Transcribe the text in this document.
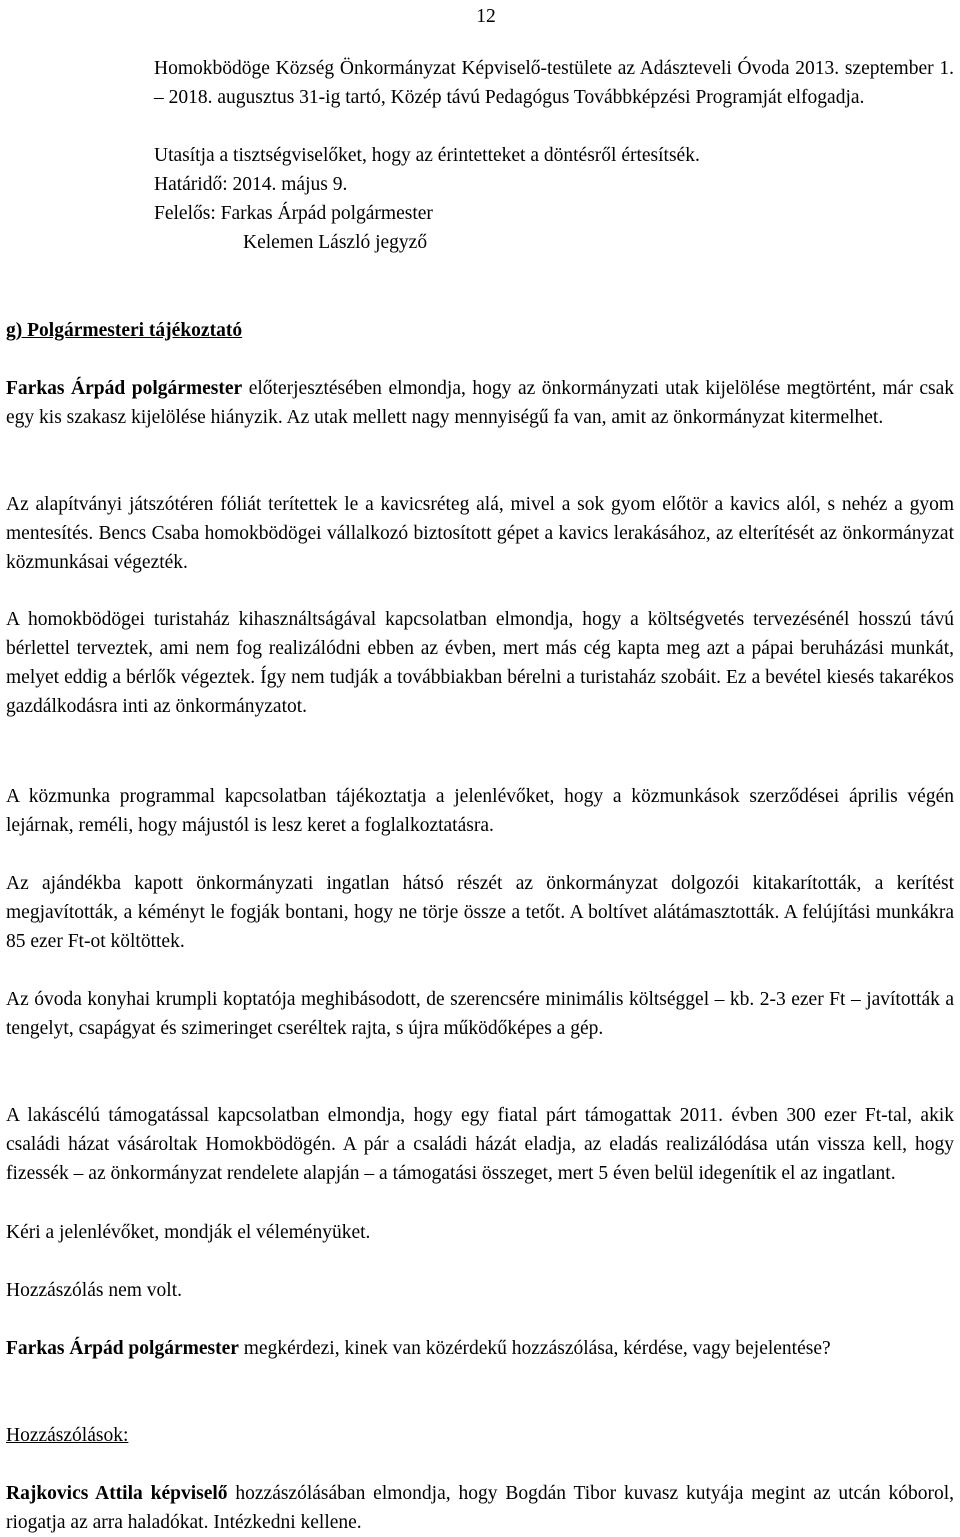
12

Homokbödöge Község Önkormányzat Képviselő-testülete az Adászteveli Óvoda 2013. szeptember 1. – 2018. augusztus 31-ig tartó, Közép távú Pedagógus Továbbképzési Programját elfogadja.

Utasítja a tisztségviselőket, hogy az érintetteket a döntésről értesítsék.

Határidő: 2014. május 9.

Felelős: Farkas Árpád polgármester

Kelemen László jegyző

g) Polgármesteri tájékoztató

Farkas Árpád polgármester előterjesztésében elmondja, hogy az önkormányzati utak kijelölése megtörtént, már csak egy kis szakasz kijelölése hiányzik. Az utak mellett nagy mennyiségű fa van, amit az önkormányzat kitermelhet.

Az alapítványi játszótéren fóliát terítettek le a kavicsréteg alá, mivel a sok gyom előtör a kavics alól, s nehéz a gyom mentesítés. Bencs Csaba homokbödögei vállalkozó biztosított gépet a kavics lerakásához, az elterítését az önkormányzat közmunkásai végezték.

A homokbödögei turistaház kihasználtságával kapcsolatban elmondja, hogy a költségvetés tervezésénél hosszú távú bérlettel terveztek, ami nem fog realizálódni ebben az évben, mert más cég kapta meg azt a pápai beruházási munkát, melyet eddig a bérlők végeztek. Így nem tudják a továbbiakban bérelni a turistaház szobáit. Ez a bevétel kiesés takarékos gazdálkodásra inti az önkormányzatot.

A közmunka programmal kapcsolatban tájékoztatja a jelenlévőket, hogy a közmunkások szerződései április végén lejárnak, reméli, hogy májustól is lesz keret a foglalkoztatásra.

Az ajándékba kapott önkormányzati ingatlan hátsó részét az önkormányzat dolgozói kitakarították, a kerítést megjavították, a kéményt le fogják bontani, hogy ne törje össze a tetőt. A boltívet alátámasztották. A felújítási munkákra 85 ezer Ft-ot költöttek.

Az óvoda konyhai krumpli koptatója meghibásodott, de szerencsére minimális költséggel – kb. 2-3 ezer Ft – javították a tengelyt, csapágyat és szimeringet cseréltek rajta, s újra működőképes a gép.

A lakáscélú támogatással kapcsolatban elmondja, hogy egy fiatal párt támogattak 2011. évben 300 ezer Ft-tal, akik családi házat vásároltak Homokbödögén. A pár a családi házát eladja, az eladás realizálódása után vissza kell, hogy fizessék – az önkormányzat rendelete alapján – a támogatási összeget, mert 5 éven belül idegenítik el az ingatlant.

Kéri a jelenlévőket, mondják el véleményüket.

Hozzászólás nem volt.

Farkas Árpád polgármester megkérdezi, kinek van közérdekű hozzászólása, kérdése, vagy bejelentése?

Hozzászólások:

Rajkovics Attila képviselő hozzászólásában elmondja, hogy Bogdán Tibor kuvasz kutyája megint az utcán kóborol, riogatja az arra haladókat. Intézkedni kellene.
